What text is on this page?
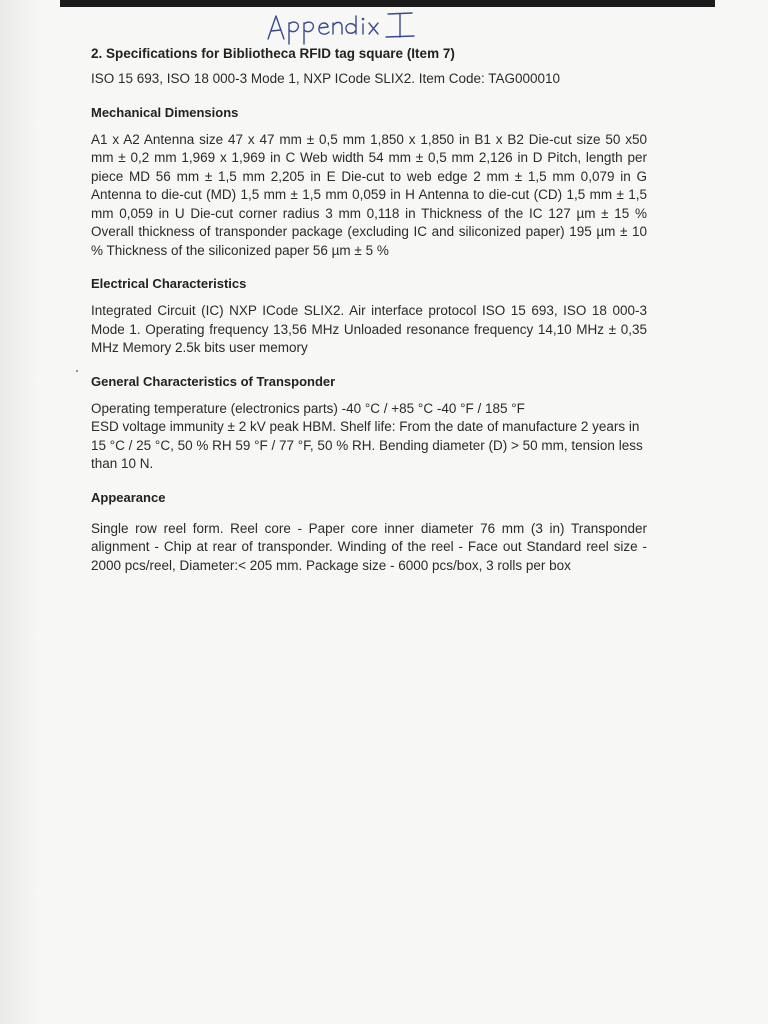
2. Specifications for Bibliotheca RFID tag square (Item 7)

ISO 15 693, ISO 18 000-3 Mode 1, NXP ICode SLIX2. Item Code: TAG000010

Mechanical Dimensions

A1 x A2 Antenna size 47 x 47 mm ± 0,5 mm 1,850 x 1,850 in B1 x B2 Die-cut size 50 x50 mm ± 0,2 mm 1,969 x 1,969 in C Web width 54 mm ± 0,5 mm 2,126 in D Pitch, length per piece MD 56 mm ± 1,5 mm 2,205 in E Die-cut to web edge 2 mm ± 1,5 mm 0,079 in G Antenna to die-cut (MD) 1,5 mm ± 1,5 mm 0,059 in H Antenna to die-cut (CD) 1,5 mm ± 1,5 mm 0,059 in U Die-cut corner radius 3 mm 0,118 in Thickness of the IC 127 µm ± 15 % Overall thickness of transponder package (excluding IC and siliconized paper) 195 µm ± 10 % Thickness of the siliconized paper 56 µm ± 5 %

Electrical Characteristics

Integrated Circuit (IC) NXP ICode SLIX2. Air interface protocol ISO 15 693, ISO 18 000-3 Mode 1. Operating frequency 13,56 MHz Unloaded resonance frequency 14,10 MHz ± 0,35 MHz Memory 2.5k bits user memory

General Characteristics of Transponder

Operating temperature (electronics parts) -40 °C / +85 °C -40 °F / 185 °F

ESD voltage immunity ± 2 kV peak HBM. Shelf life: From the date of manufacture 2 years in 15 °C / 25 °C, 50 % RH 59 °F / 77 °F, 50 % RH. Bending diameter (D) > 50 mm, tension less than 10 N.

Appearance

Single row reel form. Reel core - Paper core inner diameter 76 mm (3 in) Transponder alignment - Chip at rear of transponder. Winding of the reel - Face out Standard reel size - 2000 pcs/reel, Diameter:< 205 mm. Package size - 6000 pcs/box, 3 rolls per box
